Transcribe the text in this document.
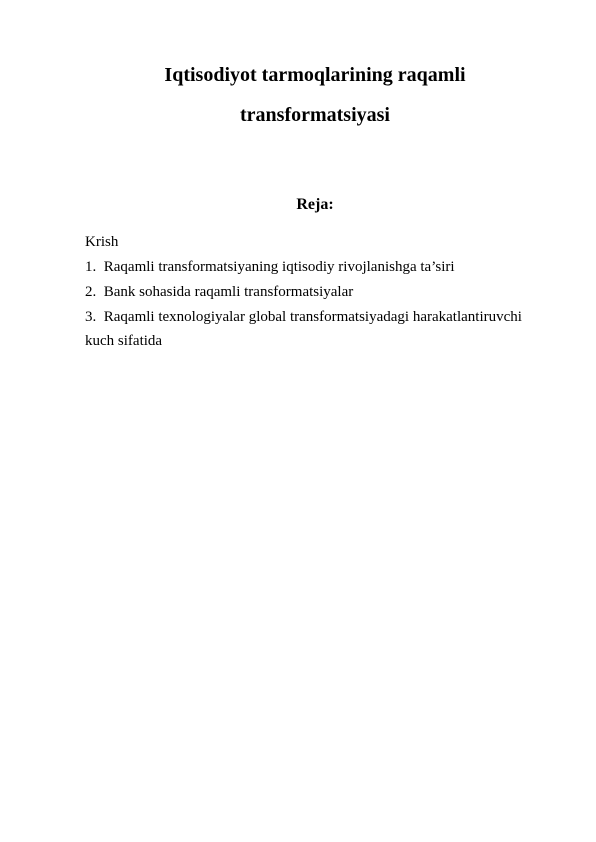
Iqtisodiyot tarmoqlarining raqamli
transformatsiyasi
Reja:
Krish
1. Raqamli transformatsiyaning iqtisodiy rivojlanishga ta’siri
2. Bank sohasida raqamli transformatsiyalar
3. Raqamli texnologiyalar global transformatsiyadagi harakatlantiruvchi
kuch sifatida
